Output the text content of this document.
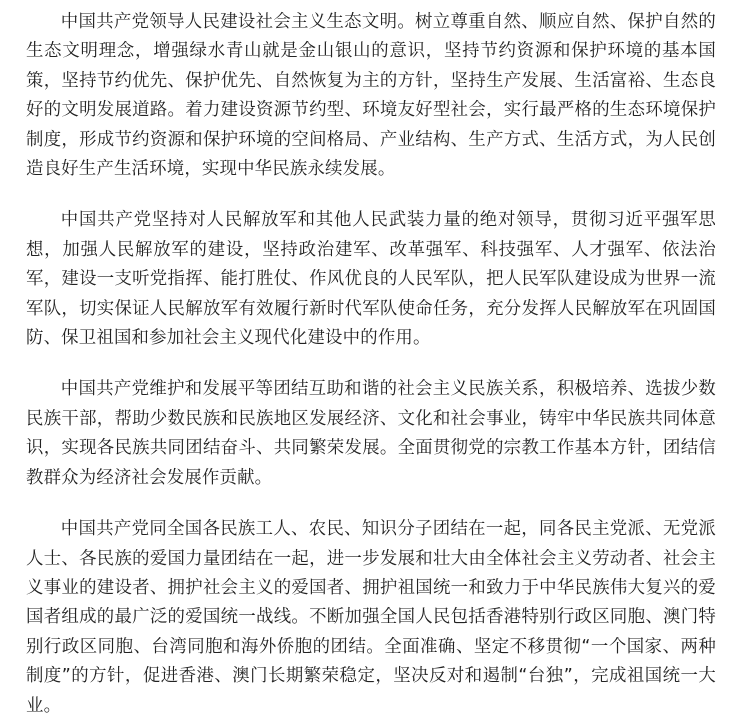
中国共产党领导人民建设社会主义生态文明。树立尊重自然、顺应自然、保护自然的生态文明理念，增强绿水青山就是金山银山的意识，坚持节约资源和保护环境的基本国策，坚持节约优先、保护优先、自然恢复为主的方针，坚持生产发展、生活富裕、生态良好的文明发展道路。着力建设资源节约型、环境友好型社会，实行最严格的生态环境保护制度，形成节约资源和保护环境的空间格局、产业结构、生产方式、生活方式，为人民创造良好生产生活环境，实现中华民族永续发展。

中国共产党坚持对人民解放军和其他人民武装力量的绝对领导，贯彻习近平强军思想，加强人民解放军的建设，坚持政治建军、改革强军、科技强军、人才强军、依法治军，建设一支听党指挥、能打胜仗、作风优良的人民军队，把人民军队建设成为世界一流军队，切实保证人民解放军有效履行新时代军队使命任务，充分发挥人民解放军在巩固国防、保卫祖国和参加社会主义现代化建设中的作用。

中国共产党维护和发展平等团结互助和谐的社会主义民族关系，积极培养、选拔少数民族干部，帮助少数民族和民族地区发展经济、文化和社会事业，铸牢中华民族共同体意识，实现各民族共同团结奋斗、共同繁荣发展。全面贯彻党的宗教工作基本方针，团结信教群众为经济社会发展作贡献。

中国共产党同全国各民族工人、农民、知识分子团结在一起，同各民主党派、无党派人士、各民族的爱国力量团结在一起，进一步发展和壮大由全体社会主义劳动者、社会主义事业的建设者、拥护社会主义的爱国者、拥护祖国统一和致力于中华民族伟大复兴的爱国者组成的最广泛的爱国统一战线。不断加强全国人民包括香港特别行政区同胞、澳门特别行政区同胞、台湾同胞和海外侨胞的团结。全面准确、坚定不移贯彻“一个国家、两种制度”的方针，促进香港、澳门长期繁荣稳定，坚决反对和遏制“台独”，完成祖国统一大业。
